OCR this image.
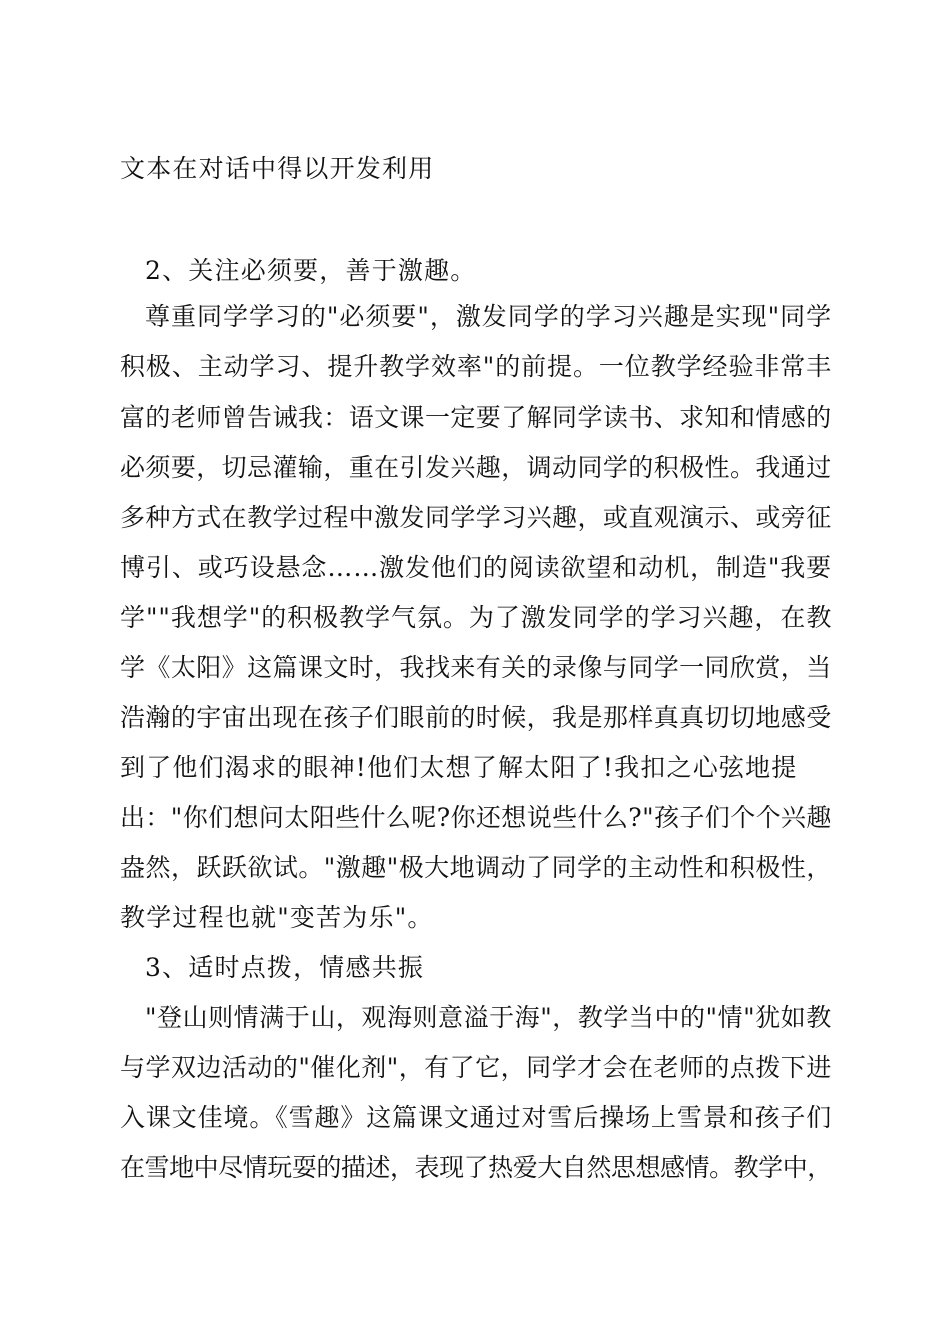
文本在对话中得以开发利用
2、关注必须要，善于激趣。
尊重同学学习的"必须要"，激发同学的学习兴趣是实现"同学
积极、主动学习、提升教学效率"的前提。一位教学经验非常丰
富的老师曾告诫我：语文课一定要了解同学读书、求知和情感的
必须要，切忌灌输，重在引发兴趣，调动同学的积极性。我通过
多种方式在教学过程中激发同学学习兴趣，或直观演示、或旁征
博引、或巧设悬念……激发他们的阅读欲望和动机，制造"我要
学""我想学"的积极教学气氛。为了激发同学的学习兴趣，在教
学《太阳》这篇课文时，我找来有关的录像与同学一同欣赏，当
浩瀚的宇宙出现在孩子们眼前的时候，我是那样真真切切地感受
到了他们渴求的眼神!他们太想了解太阳了!我扣之心弦地提
出："你们想问太阳些什么呢?你还想说些什么?"孩子们个个兴趣
盎然，跃跃欲试。"激趣"极大地调动了同学的主动性和积极性，
教学过程也就"变苦为乐"。
3、适时点拨，情感共振
"登山则情满于山，观海则意溢于海"，教学当中的"情"犹如教
与学双边活动的"催化剂"，有了它，同学才会在老师的点拨下进
入课文佳境。《雪趣》这篇课文通过对雪后操场上雪景和孩子们
在雪地中尽情玩耍的描述，表现了热爱大自然思想感情。教学中，
